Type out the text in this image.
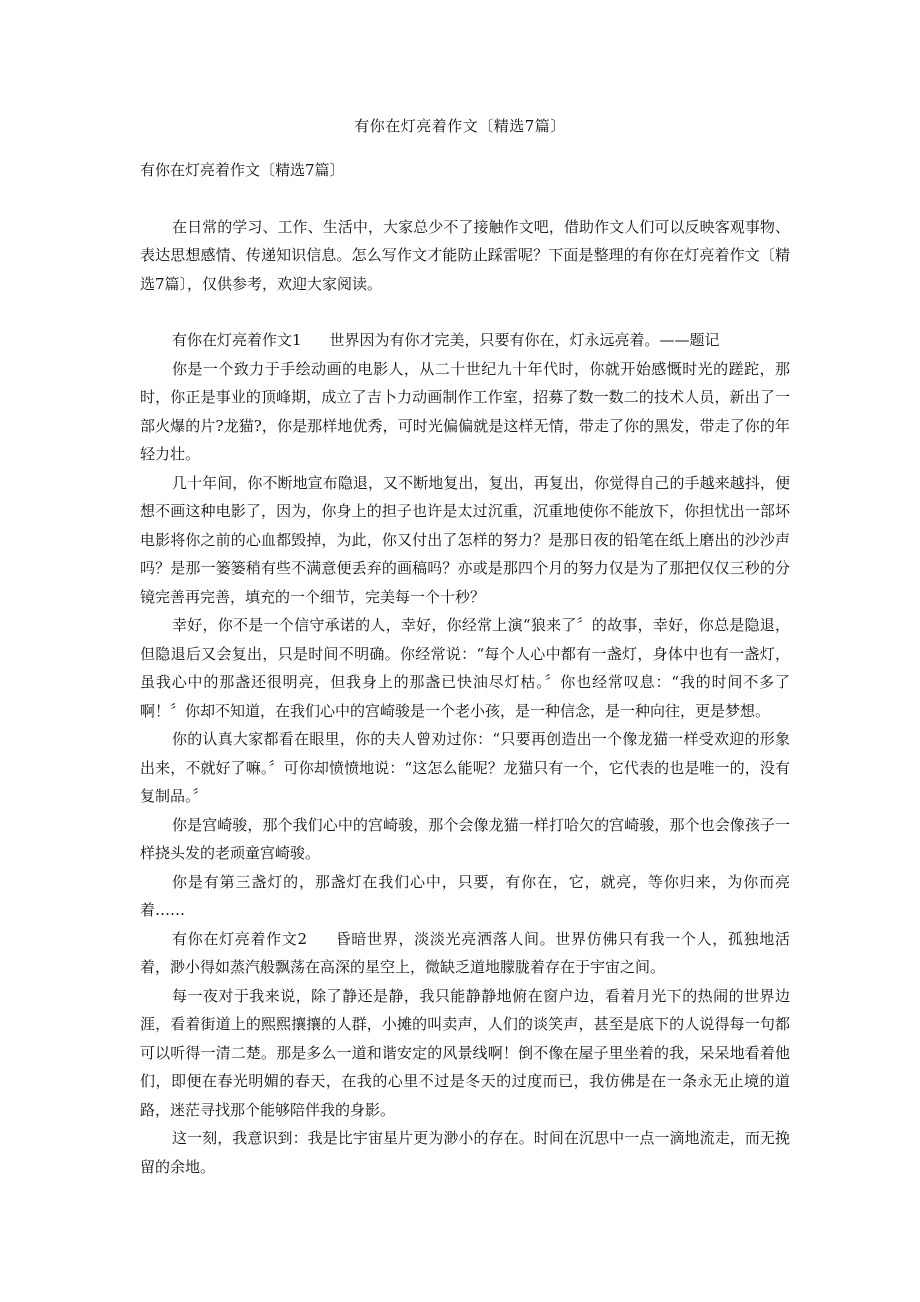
有你在灯亮着作文〔精选7篇〕

有你在灯亮着作文〔精选7篇〕

在日常的学习、工作、生活中，大家总少不了接触作文吧，借助作文人们可以反映客观事物、表达思想感情、传递知识信息。怎么写作文才能防止踩雷呢？下面是整理的有你在灯亮着作文〔精选7篇〕，仅供参考，欢迎大家阅读。

有你在灯亮着作文1 世界因为有你才完美，只要有你在，灯永远亮着。——题记

你是一个致力于手绘动画的电影人，从二十世纪九十年代时，你就开始感慨时光的蹉跎，那时，你正是事业的顶峰期，成立了吉卜力动画制作工作室，招募了数一数二的技术人员，新出了一部火爆的片?龙猫?，你是那样地优秀，可时光偏偏就是这样无情，带走了你的黑发，带走了你的年轻力壮。

几十年间，你不断地宣布隐退，又不断地复出，复出，再复出，你觉得自己的手越来越抖，便想不画这种电影了，因为，你身上的担子也许是太过沉重，沉重地使你不能放下，你担忧出一部坏电影将你之前的心血都毁掉，为此，你又付出了怎样的努力？是那日夜的铅笔在纸上磨出的沙沙声吗？是那一篓篓稍有些不满意便丢弃的画稿吗？亦或是那四个月的努力仅是为了那把仅仅三秒的分镜完善再完善，填充的一个细节，完美每一个十秒？

幸好，你不是一个信守承诺的人，幸好，你经常上演“狼来了〞的故事，幸好，你总是隐退，但隐退后又会复出，只是时间不明确。你经常说：“每个人心中都有一盏灯，身体中也有一盏灯，虽我心中的那盏还很明亮，但我身上的那盏已快油尽灯枯。〞你也经常叹息：“我的时间不多了啊！〞你却不知道，在我们心中的宫崎骏是一个老小孩，是一种信念，是一种向往，更是梦想。

你的认真大家都看在眼里，你的夫人曾劝过你：“只要再创造出一个像龙猫一样受欢迎的形象出来，不就好了嘛。〞可你却愤愤地说：“这怎么能呢？龙猫只有一个，它代表的也是唯一的，没有复制品。〞

你是宫崎骏，那个我们心中的宫崎骏，那个会像龙猫一样打哈欠的宫崎骏，那个也会像孩子一样挠头发的老顽童宫崎骏。

你是有第三盏灯的，那盏灯在我们心中，只要，有你在，它，就亮，等你归来，为你而亮着……

有你在灯亮着作文2 昏暗世界，淡淡光亮洒落人间。世界仿佛只有我一个人，孤独地活着，渺小得如蒸汽般飘荡在高深的星空上，微缺乏道地朦胧着存在于宇宙之间。

每一夜对于我来说，除了静还是静，我只能静静地俯在窗户边，看着月光下的热闹的世界边涯，看着街道上的熙熙攘攘的人群，小摊的叫卖声，人们的谈笑声，甚至是底下的人说得每一句都可以听得一清二楚。那是多么一道和谐安定的风景线啊！倒不像在屋子里坐着的我，呆呆地看着他们，即便在春光明媚的春天，在我的心里不过是冬天的过度而已，我仿佛是在一条永无止境的道路，迷茫寻找那个能够陪伴我的身影。

这一刻，我意识到：我是比宇宙星片更为渺小的存在。时间在沉思中一点一滴地流走，而无挽留的余地。
